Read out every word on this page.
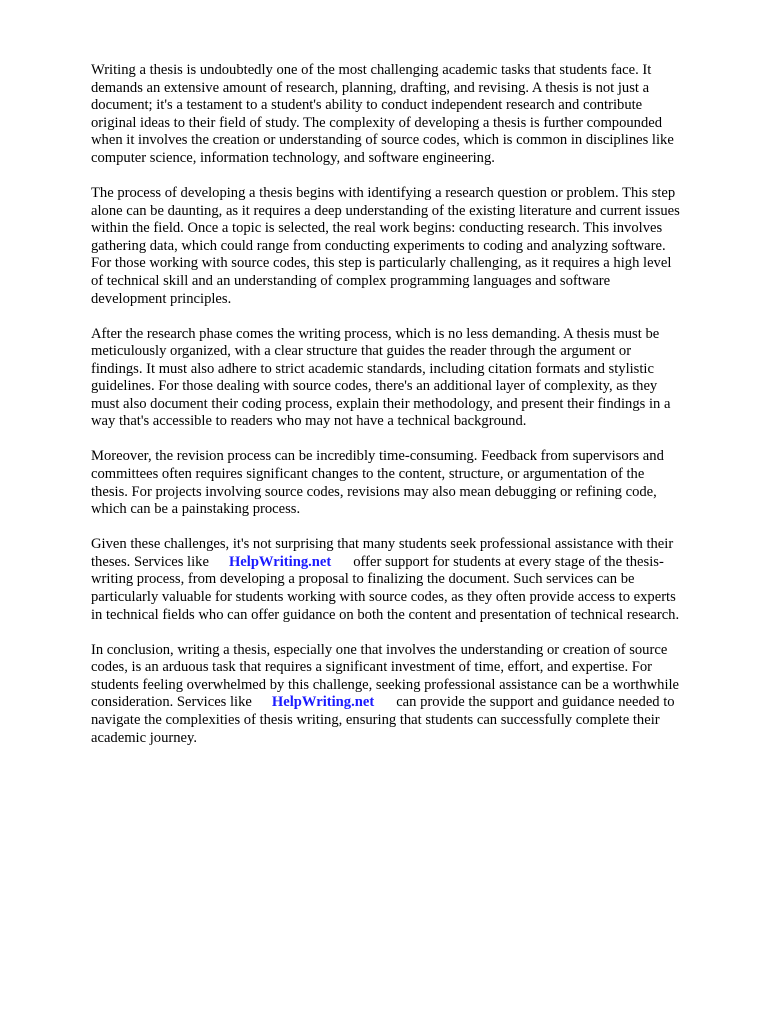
Writing a thesis is undoubtedly one of the most challenging academic tasks that students face. It
demands an extensive amount of research, planning, drafting, and revising. A thesis is not just a
document; it's a testament to a student's ability to conduct independent research and contribute
original ideas to their field of study. The complexity of developing a thesis is further compounded
when it involves the creation or understanding of source codes, which is common in disciplines like
computer science, information technology, and software engineering.

The process of developing a thesis begins with identifying a research question or problem. This step
alone can be daunting, as it requires a deep understanding of the existing literature and current issues
within the field. Once a topic is selected, the real work begins: conducting research. This involves
gathering data, which could range from conducting experiments to coding and analyzing software.
For those working with source codes, this step is particularly challenging, as it requires a high level
of technical skill and an understanding of complex programming languages and software
development principles.

After the research phase comes the writing process, which is no less demanding. A thesis must be
meticulously organized, with a clear structure that guides the reader through the argument or
findings. It must also adhere to strict academic standards, including citation formats and stylistic
guidelines. For those dealing with source codes, there's an additional layer of complexity, as they
must also document their coding process, explain their methodology, and present their findings in a
way that's accessible to readers who may not have a technical background.

Moreover, the revision process can be incredibly time-consuming. Feedback from supervisors and
committees often requires significant changes to the content, structure, or argumentation of the
thesis. For projects involving source codes, revisions may also mean debugging or refining code,
which can be a painstaking process.

Given these challenges, it's not surprising that many students seek professional assistance with their
theses. Services like HelpWriting.net offer support for students at every stage of the thesis-
writing process, from developing a proposal to finalizing the document. Such services can be
particularly valuable for students working with source codes, as they often provide access to experts
in technical fields who can offer guidance on both the content and presentation of technical research.

In conclusion, writing a thesis, especially one that involves the understanding or creation of source
codes, is an arduous task that requires a significant investment of time, effort, and expertise. For
students feeling overwhelmed by this challenge, seeking professional assistance can be a worthwhile
consideration. Services like HelpWriting.net can provide the support and guidance needed to
navigate the complexities of thesis writing, ensuring that students can successfully complete their
academic journey.
